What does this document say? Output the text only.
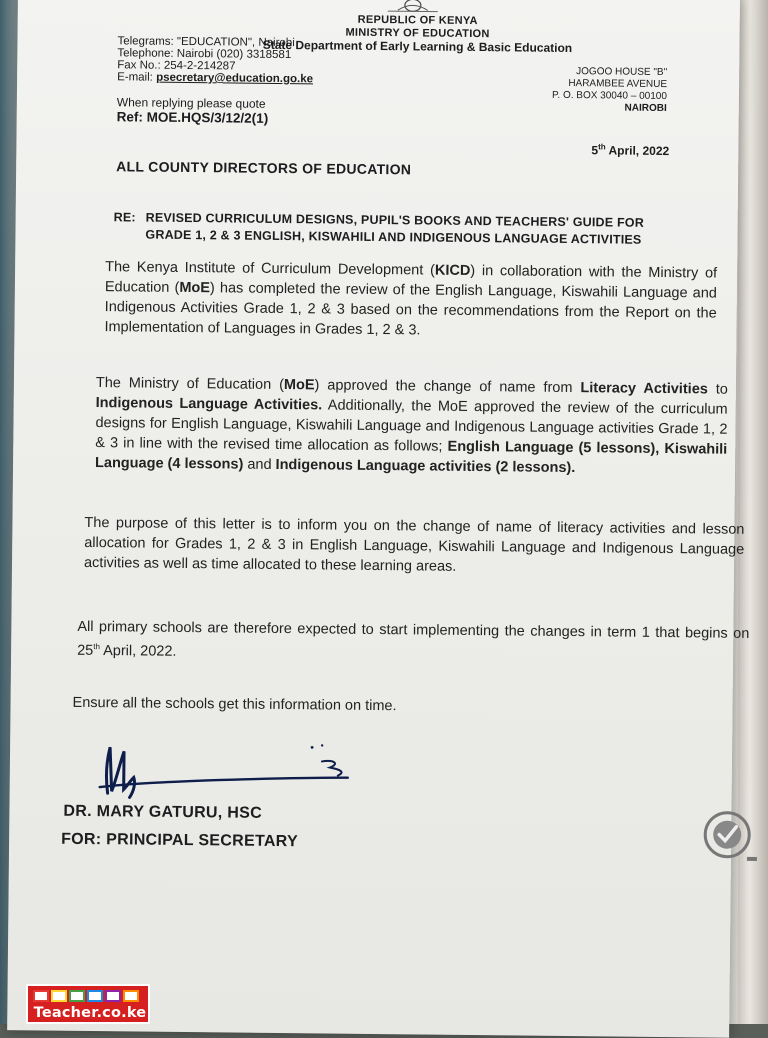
REPUBLIC OF KENYA
MINISTRY OF EDUCATION
State Department of Early Learning & Basic Education
Telegrams: "EDUCATION", Nairobi
Telephone: Nairobi (020) 3318581
Fax No.: 254-2-214287
E-mail: psecretary@education.go.ke	JOGOO HOUSE "B"
HARAMBEE AVENUE
P. O. BOX 30040 – 00100
NAIROBI
When replying please quote
Ref: MOE.HQS/3/12/2(1)
5th April, 2022
ALL COUNTY DIRECTORS OF EDUCATION
RE: REVISED CURRICULUM DESIGNS, PUPIL'S BOOKS AND TEACHERS' GUIDE FOR
GRADE 1, 2 & 3 ENGLISH, KISWAHILI AND INDIGENOUS LANGUAGE ACTIVITIES
The Kenya Institute of Curriculum Development (KICD) in collaboration with the Ministry of Education (MoE) has completed the review of the English Language, Kiswahili Language and Indigenous Activities Grade 1, 2 & 3 based on the recommendations from the Report on the Implementation of Languages in Grades 1, 2 & 3.
The Ministry of Education (MoE) approved the change of name from Literacy Activities to Indigenous Language Activities. Additionally, the MoE approved the review of the curriculum designs for English Language, Kiswahili Language and Indigenous Language activities Grade 1, 2 & 3 in line with the revised time allocation as follows; English Language (5 lessons), Kiswahili Language (4 lessons) and Indigenous Language activities (2 lessons).
The purpose of this letter is to inform you on the change of name of literacy activities and lesson allocation for Grades 1, 2 & 3 in English Language, Kiswahili Language and Indigenous Language activities as well as time allocated to these learning areas.
All primary schools are therefore expected to start implementing the changes in term 1 that begins on 25th April, 2022.
Ensure all the schools get this information on time.
DR. MARY GATURU, HSC
FOR: PRINCIPAL SECRETARY
Teacher.co.ke
